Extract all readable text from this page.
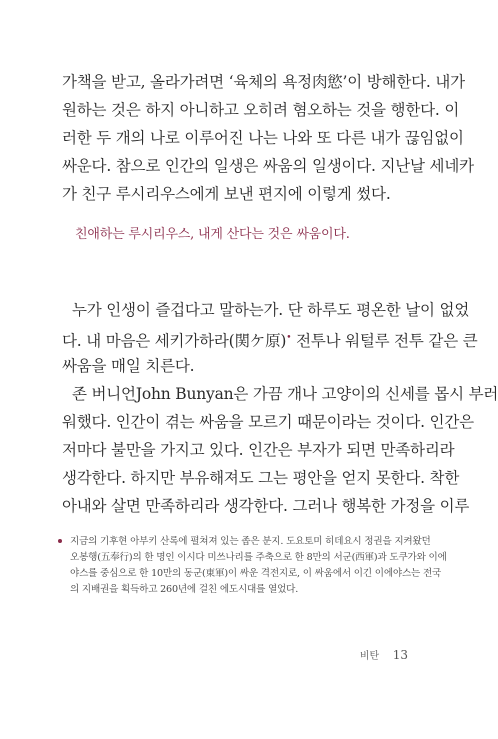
가책을 받고, 올라가려면 ‘육체의 욕정肉慾’이 방해한다. 내가
원하는 것은 하지 아니하고 오히려 혐오하는 것을 행한다. 이
러한 두 개의 나로 이루어진 나는 나와 또 다른 내가 끊임없이
싸운다. 참으로 인간의 일생은 싸움의 일생이다. 지난날 세네카
가 친구 루시리우스에게 보낸 편지에 이렇게 썼다.
친애하는 루시리우스, 내게 산다는 것은 싸움이다.
누가 인생이 즐겁다고 말하는가. 단 하루도 평온한 날이 없었
다. 내 마음은 세키가하라(関ケ原)• 전투나 워털루 전투 같은 큰
싸움을 매일 치른다.
존 버니언John Bunyan은 가끔 개나 고양이의 신세를 몹시 부러
워했다. 인간이 겪는 싸움을 모르기 때문이라는 것이다. 인간은
저마다 불만을 가지고 있다. 인간은 부자가 되면 만족하리라
생각한다. 하지만 부유해져도 그는 평안을 얻지 못한다. 착한
아내와 살면 만족하리라 생각한다. 그러나 행복한 가정을 이루
지금의 기후현 아부키 산록에 펼쳐져 있는 좁은 분지. 도요토미 히데요시 정권을 지켜왔던
오봉행(五奉行)의 한 명인 이시다 미쓰나리를 주축으로 한 8만의 서군(西軍)과 도쿠가와 이에
야스를 중심으로 한 10만의 동군(東軍)이 싸운 격전지로, 이 싸움에서 이긴 이에야스는 전국
의 지배권을 획득하고 260년에 걸친 에도시대를 열었다.
비탄 13
